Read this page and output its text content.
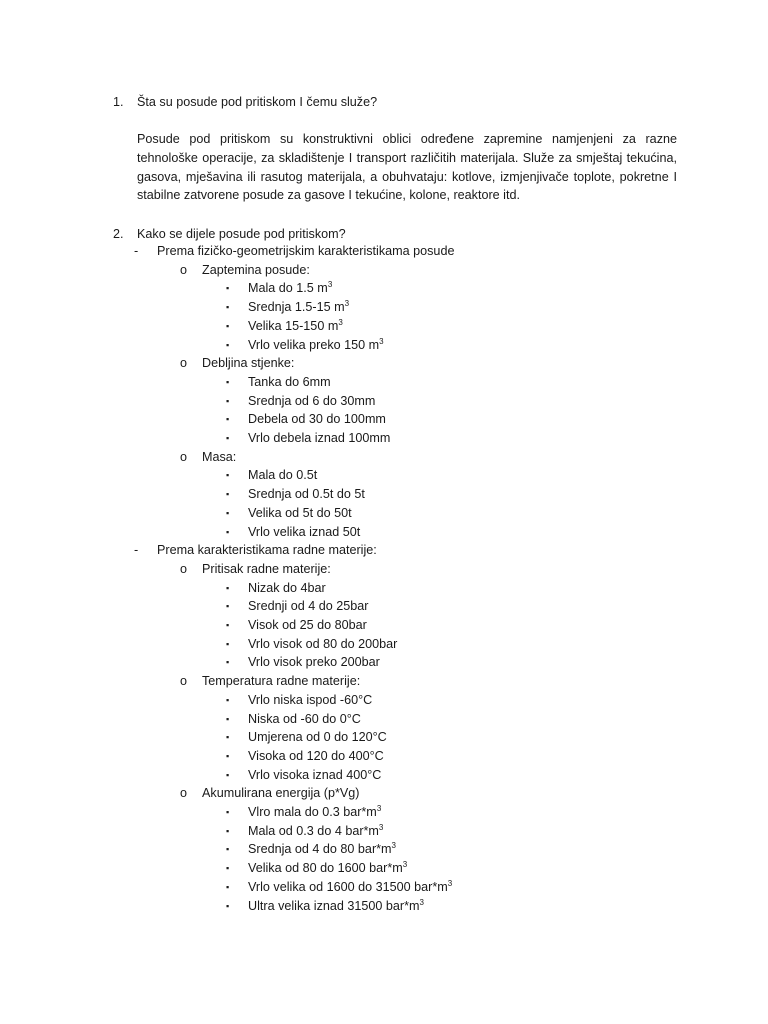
1. Šta su posude pod pritiskom I čemu služe?

Posude pod pritiskom su konstruktivni oblici određene zapremine namjenjeni za razne tehnološke operacije, za skladištenje I transport različitih materijala. Služe za smještaj tekućina, gasova, mješavina ili rasutog materijala, a obuhvataju: kotlove, izmjenjivače toplote, pokretne I stabilne zatvorene posude za gasove I tekućine, kolone, reaktore itd.

2. Kako se dijele posude pod pritiskom?
- Prema fizičko-geometrijskim karakteristikama posude
o Zaptemina posude:
▪ Mala do 1.5 $m^3$
▪ Srednja 1.5-15 $m^3$
▪ Velika 15-150 $m^3$
▪ Vrlo velika preko 150 $m^3$
o Debljina stjenke:
▪ Tanka do 6mm
▪ Srednja od 6 do 30mm
▪ Debela od 30 do 100mm
▪ Vrlo debela iznad 100mm
o Masa:
▪ Mala do 0.5t
▪ Srednja od 0.5t do 5t
▪ Velika od 5t do 50t
▪ Vrlo velika iznad 50t
- Prema karakteristikama radne materije:
o Pritisak radne materije:
▪ Nizak do 4bar
▪ Srednji od 4 do 25bar
▪ Visok od 25 do 80bar
▪ Vrlo visok od 80 do 200bar
▪ Vrlo visok preko 200bar
o Temperatura radne materije:
▪ Vrlo niska ispod -60°C
▪ Niska od -60 do 0°C
▪ Umjerena od 0 do 120°C
▪ Visoka od 120 do 400°C
▪ Vrlo visoka iznad 400°C
o Akumulirana energija (p*Vg)
▪ Vlro mala do 0.3 $bar*m^3$
▪ Mala od 0.3 do 4 $bar*m^3$
▪ Srednja od 4 do 80 $bar*m^3$
▪ Velika od 80 do 1600 $bar*m^3$
▪ Vrlo velika od 1600 do 31500 $bar*m^3$
▪ Ultra velika iznad 31500 $bar*m^3$
